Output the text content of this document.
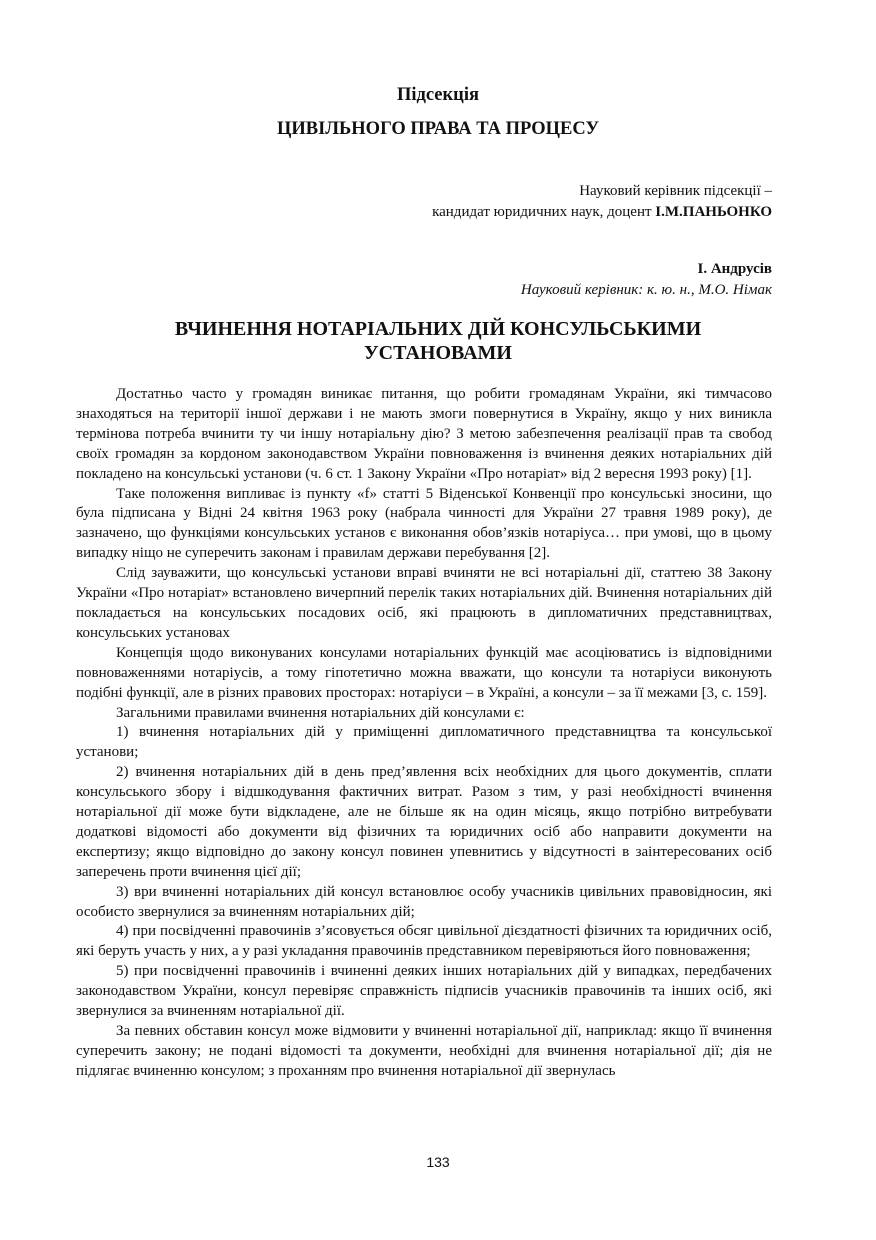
Підсекція
ЦИВІЛЬНОГО ПРАВА ТА ПРОЦЕСУ
Науковий керівник підсекції –
кандидат юридичних наук, доцент І.М.ПАНЬОНКО
І. Андрусів
Науковий керівник: к. ю. н., М.О. Німак
ВЧИНЕННЯ НОТАРІАЛЬНИХ ДІЙ КОНСУЛЬСЬКИМИ
УСТАНОВАМИ

Достатньо часто у громадян виникає питання, що робити громадянам України, які тимчасово знаходяться на території іншої держави і не мають змоги повернутися в Україну, якщо у них виникла термінова потреба вчинити ту чи іншу нотаріальну дію? З метою забезпечення реалізації прав та свобод своїх громадян за кордоном законодавством України повноваження із вчинення деяких нотаріальних дій покладено на консульські установи (ч. 6 ст. 1 Закону України «Про нотаріат» від 2 вересня 1993 року) [1].

Таке положення випливає із пункту «f» статті 5 Віденської Конвенції про консульські зносини, що була підписана у Відні 24 квітня 1963 року (набрала чинності для України 27 травня 1989 року), де зазначено, що функціями консульських установ є виконання обов’язків нотаріуса… при умові, що в цьому випадку ніщо не суперечить законам і правилам держави перебування [2].

Слід зауважити, що консульські установи вправі вчиняти не всі нотаріальні дії, статтею 38 Закону України «Про нотаріат» встановлено вичерпний перелік таких нотаріальних дій. Вчинення нотаріальних дій покладається на консульських посадових осіб, які працюють в дипломатичних представництвах, консульських установах

Концепція щодо виконуваних консулами нотаріальних функцій має асоціюватись із відповідними повноваженнями нотаріусів, а тому гіпотетично можна вважати, що консули та нотаріуси виконують подібні функції, але в різних правових просторах: нотаріуси – в Україні, а консули – за її межами [3, с. 159].

Загальними правилами вчинення нотаріальних дій консулами є:

1) вчинення нотаріальних дій у приміщенні дипломатичного представництва та консульської установи;

2) вчинення нотаріальних дій в день пред’явлення всіх необхідних для цього документів, сплати консульського збору і відшкодування фактичних витрат. Разом з тим, у разі необхідності вчинення нотаріальної дії може бути відкладене, але не більше як на один місяць, якщо потрібно витребувати додаткові відомості або документи від фізичних та юридичних осіб або направити документи на експертизу; якщо відповідно до закону консул повинен упевнитись у відсутності в заінтересованих осіб заперечень проти вчинення цієї дії;

3) ври вчиненні нотаріальних дій консул встановлює особу учасників цивільних правовідносин, які особисто звернулися за вчиненням нотаріальних дій;

4) при посвідченні правочинів з’ясовується обсяг цивільної дієздатності фізичних та юридичних осіб, які беруть участь у них, а у разі укладання правочинів представником перевіряються його повноваження;

5) при посвідченні правочинів і вчиненні деяких інших нотаріальних дій у випадках, передбачених законодавством України, консул перевіряє справжність підписів учасників правочинів та інших осіб, які звернулися за вчиненням нотаріальної дії.

За певних обставин консул може відмовити у вчиненні нотаріальної дії, наприклад: якщо її вчинення суперечить закону; не подані відомості та документи, необхідні для вчинення нотаріальної дії; дія не підлягає вчиненню консулом; з проханням про вчинення нотаріальної дії звернулась

133
